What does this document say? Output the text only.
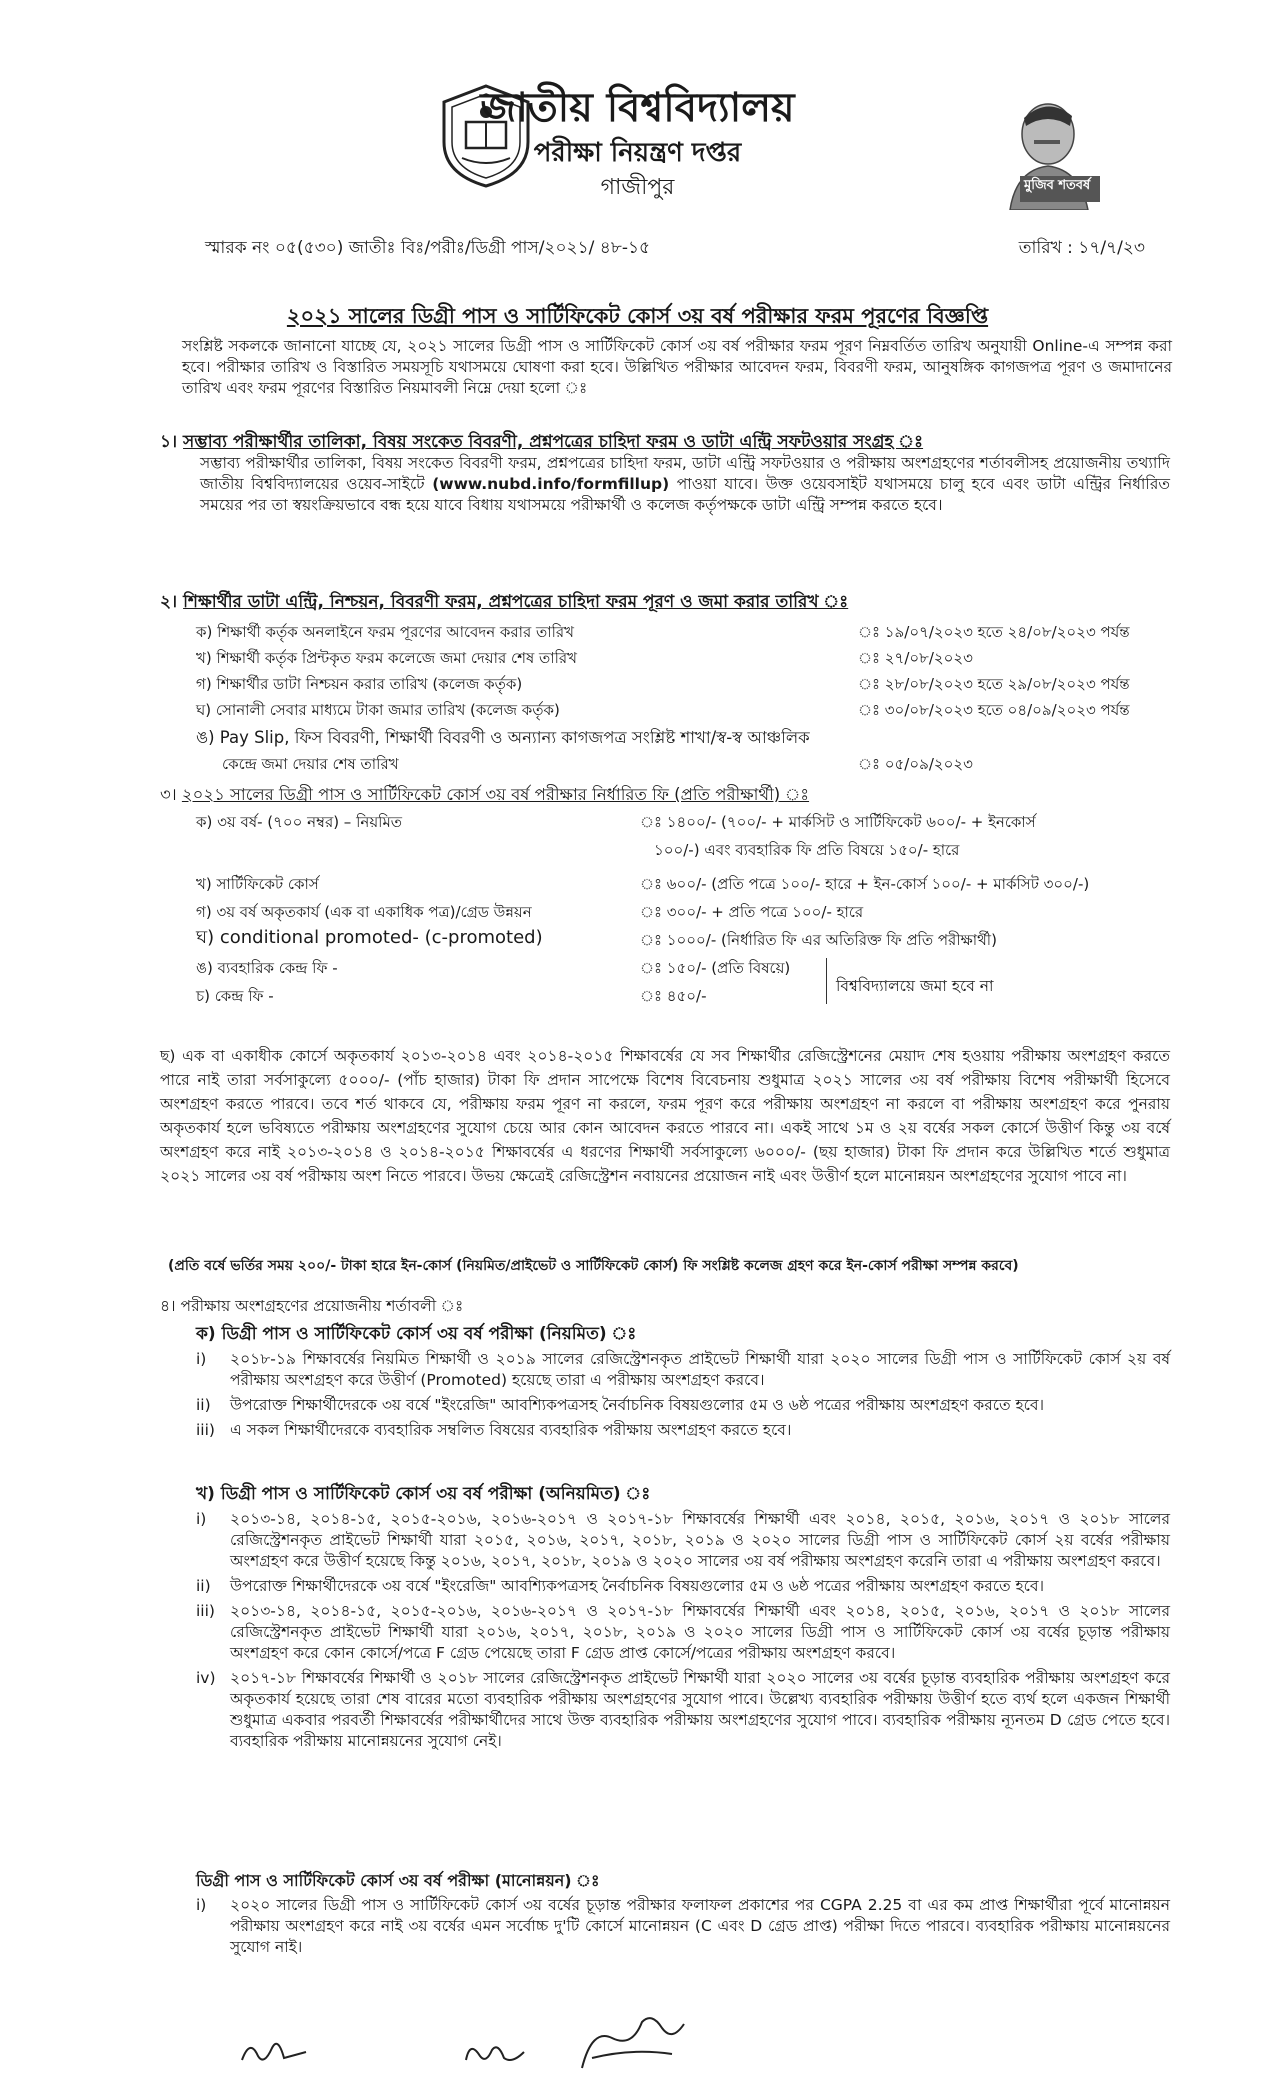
জাতীয় বিশ্ববিদ্যালয়
পরীক্ষা নিয়ন্ত্রণ দপ্তর
গাজীপুর	মুজিব শতবর্ষ
স্মারক নং ০৫(৫৩০) জাতীঃ বিঃ/পরীঃ/ডিগ্রী পাস/২০২১/ ৪৮-১৫	তারিখ : ১৭/৭/২৩
২০২১ সালের ডিগ্রী পাস ও সার্টিফিকেট কোর্স ৩য় বর্ষ পরীক্ষার ফরম পূরণের বিজ্ঞপ্তি
সংশ্লিষ্ট সকলকে জানানো যাচ্ছে যে, ২০২১ সালের ডিগ্রী পাস ও সার্টিফিকেট কোর্স ৩য় বর্ষ পরীক্ষার ফরম পূরণ নিম্নবর্তিত তারিখ অনুযায়ী Online-এ সম্পন্ন করা হবে। পরীক্ষার তারিখ ও বিস্তারিত সময়সূচি যথাসময়ে ঘোষণা করা হবে। উল্লিখিত পরীক্ষার আবেদন ফরম, বিবরণী ফরম, আনুষঙ্গিক কাগজপত্র পূরণ ও জমাদানের তারিখ এবং ফরম পূরণের বিস্তারিত নিয়মাবলী নিম্নে দেয়া হলো ঃ
১। সম্ভাব্য পরীক্ষার্থীর তালিকা, বিষয় সংকেত বিবরণী, প্রশ্নপত্রের চাহিদা ফরম ও ডাটা এন্ট্রি সফটওয়ার সংগ্রহ ঃ
সম্ভাব্য পরীক্ষার্থীর তালিকা, বিষয় সংকেত বিবরণী ফরম, প্রশ্নপত্রের চাহিদা ফরম, ডাটা এন্ট্রি সফটওয়ার ও পরীক্ষায় অংশগ্রহণের শর্তাবলীসহ প্রয়োজনীয় তথ্যাদি জাতীয় বিশ্ববিদ্যালয়ের ওয়েব-সাইটে (www.nubd.info/formfillup) পাওয়া যাবে। উক্ত ওয়েবসাইট যথাসময়ে চালু হবে এবং ডাটা এন্ট্রির নির্ধারিত সময়ের পর তা স্বয়ংক্রিয়ভাবে বন্ধ হয়ে যাবে বিধায় যথাসময়ে পরীক্ষার্থী ও কলেজ কর্তৃপক্ষকে ডাটা এন্ট্রি সম্পন্ন করতে হবে।
২। শিক্ষার্থীর ডাটা এন্ট্রি, নিশ্চয়ন, বিবরণী ফরম, প্রশ্নপত্রের চাহিদা ফরম পূরণ ও জমা করার তারিখ ঃ
ক) শিক্ষার্থী কর্তৃক অনলাইনে ফরম পূরণের আবেদন করার তারিখ	ঃ ১৯/০৭/২০২৩ হতে ২৪/০৮/২০২৩ পর্যন্ত
খ) শিক্ষার্থী কর্তৃক প্রিন্টকৃত ফরম কলেজে জমা দেয়ার শেষ তারিখ	ঃ ২৭/০৮/২০২৩
গ) শিক্ষার্থীর ডাটা নিশ্চয়ন করার তারিখ (কলেজ কর্তৃক)	ঃ ২৮/০৮/২০২৩ হতে ২৯/০৮/২০২৩ পর্যন্ত
ঘ) সোনালী সেবার মাধ্যমে টাকা জমার তারিখ (কলেজ কর্তৃক)	ঃ ৩০/০৮/২০২৩ হতে ০৪/০৯/২০২৩ পর্যন্ত
ঙ) Pay Slip, ফিস বিবরণী, শিক্ষার্থী বিবরণী ও অন্যান্য কাগজপত্র সংশ্লিষ্ট শাখা/স্ব-স্ব আঞ্চলিক
কেন্দ্রে জমা দেয়ার শেষ তারিখ	ঃ ০৫/০৯/২০২৩
৩। ২০২১ সালের ডিগ্রী পাস ও সার্টিফিকেট কোর্স ৩য় বর্ষ পরীক্ষার নির্ধারিত ফি (প্রতি পরীক্ষার্থী) ঃ
ক) ৩য় বর্ষ- (৭০০ নম্বর) – নিয়মিত	ঃ ১৪০০/- (৭০০/- + মার্কসিট ও সার্টিফিকেট ৬০০/- + ইনকোর্স
১০০/-) এবং ব্যবহারিক ফি প্রতি বিষয়ে ১৫০/- হারে
খ) সার্টিফিকেট কোর্স	ঃ ৬০০/- (প্রতি পত্রে ১০০/- হারে + ইন-কোর্স ১০০/- + মার্কসিট ৩০০/-)
গ) ৩য় বর্ষ অকৃতকার্য (এক বা একাধিক পত্র)/গ্রেড উন্নয়ন	ঃ ৩০০/- + প্রতি পত্রে ১০০/- হারে
ঘ) conditional promoted- (c-promoted)	ঃ ১০০০/- (নির্ধারিত ফি এর অতিরিক্ত ফি প্রতি পরীক্ষার্থী)
ঙ) ব্যবহারিক কেন্দ্র ফি -	ঃ ১৫০/- (প্রতি বিষয়ে)
চ) কেন্দ্র ফি -	ঃ ৪৫০/-
বিশ্ববিদ্যালয়ে জমা হবে না
ছ) এক বা একাধীক কোর্সে অকৃতকার্য ২০১৩-২০১৪ এবং ২০১৪-২০১৫ শিক্ষাবর্ষের যে সব শিক্ষার্থীর রেজিস্ট্রেশনের মেয়াদ শেষ হওয়ায় পরীক্ষায় অংশগ্রহণ করতে পারে নাই তারা সর্বসাকুল্যে ৫০০০/- (পাঁচ হাজার) টাকা ফি প্রদান সাপেক্ষে বিশেষ বিবেচনায় শুধুমাত্র ২০২১ সালের ৩য় বর্ষ পরীক্ষায় বিশেষ পরীক্ষার্থী হিসেবে অংশগ্রহণ করতে পারবে। তবে শর্ত থাকবে যে, পরীক্ষায় ফরম পূরণ না করলে, ফরম পূরণ করে পরীক্ষায় অংশগ্রহণ না করলে বা পরীক্ষায় অংশগ্রহণ করে পুনরায় অকৃতকার্য হলে ভবিষ্যতে পরীক্ষায় অংশগ্রহণের সুযোগ চেয়ে আর কোন আবেদন করতে পারবে না। একই সাথে ১ম ও ২য় বর্ষের সকল কোর্সে উত্তীর্ণ কিন্তু ৩য় বর্ষে অংশগ্রহণ করে নাই ২০১৩-২০১৪ ও ২০১৪-২০১৫ শিক্ষাবর্ষের এ ধরণের শিক্ষার্থী সর্বসাকুল্যে ৬০০০/- (ছয় হাজার) টাকা ফি প্রদান করে উল্লিখিত শর্তে শুধুমাত্র ২০২১ সালের ৩য় বর্ষ পরীক্ষায় অংশ নিতে পারবে। উভয় ক্ষেত্রেই রেজিস্ট্রেশন নবায়নের প্রয়োজন নাই এবং উত্তীর্ণ হলে মানোন্নয়ন অংশগ্রহণের সুযোগ পাবে না।
(প্রতি বর্ষে ভর্তির সময় ২০০/- টাকা হারে ইন-কোর্স (নিয়মিত/প্রাইভেট ও সার্টিফিকেট কোর্স) ফি সংশ্লিষ্ট কলেজ গ্রহণ করে ইন-কোর্স পরীক্ষা সম্পন্ন করবে)
৪। পরীক্ষায় অংশগ্রহণের প্রয়োজনীয় শর্তাবলী ঃ
ক) ডিগ্রী পাস ও সার্টিফিকেট কোর্স ৩য় বর্ষ পরীক্ষা (নিয়মিত) ঃ
i)	২০১৮-১৯ শিক্ষাবর্ষের নিয়মিত শিক্ষার্থী ও ২০১৯ সালের রেজিস্ট্রেশনকৃত প্রাইভেট শিক্ষার্থী যারা ২০২০ সালের ডিগ্রী পাস ও সার্টিফিকেট কোর্স ২য় বর্ষ পরীক্ষায় অংশগ্রহণ করে উত্তীর্ণ (Promoted) হয়েছে তারা এ পরীক্ষায় অংশগ্রহণ করবে।
ii)	উপরোক্ত শিক্ষার্থীদেরকে ৩য় বর্ষে "ইংরেজি" আবশ্যিকপত্রসহ নৈর্বাচনিক বিষয়গুলোর ৫ম ও ৬ষ্ঠ পত্রের পরীক্ষায় অংশগ্রহণ করতে হবে।
iii) এ সকল শিক্ষার্থীদেরকে ব্যবহারিক সম্বলিত বিষয়ের ব্যবহারিক পরীক্ষায় অংশগ্রহণ করতে হবে।
খ) ডিগ্রী পাস ও সার্টিফিকেট কোর্স ৩য় বর্ষ পরীক্ষা (অনিয়মিত) ঃ
i)	২০১৩-১৪, ২০১৪-১৫, ২০১৫-২০১৬, ২০১৬-২০১৭ ও ২০১৭-১৮ শিক্ষাবর্ষের শিক্ষার্থী এবং ২০১৪, ২০১৫, ২০১৬, ২০১৭ ও ২০১৮ সালের রেজিস্ট্রেশনকৃত প্রাইভেট শিক্ষার্থী যারা ২০১৫, ২০১৬, ২০১৭, ২০১৮, ২০১৯ ও ২০২০ সালের ডিগ্রী পাস ও সার্টিফিকেট কোর্স ২য় বর্ষের পরীক্ষায় অংশগ্রহণ করে উত্তীর্ণ হয়েছে কিন্তু ২০১৬, ২০১৭, ২০১৮, ২০১৯ ও ২০২০ সালের ৩য় বর্ষ পরীক্ষায় অংশগ্রহণ করেনি তারা এ পরীক্ষায় অংশগ্রহণ করবে।
ii)	উপরোক্ত শিক্ষার্থীদেরকে ৩য় বর্ষে "ইংরেজি" আবশ্যিকপত্রসহ নৈর্বাচনিক বিষয়গুলোর ৫ম ও ৬ষ্ঠ পত্রের পরীক্ষায় অংশগ্রহণ করতে হবে।
iii) ২০১৩-১৪, ২০১৪-১৫, ২০১৫-২০১৬, ২০১৬-২০১৭ ও ২০১৭-১৮ শিক্ষাবর্ষের শিক্ষার্থী এবং ২০১৪, ২০১৫, ২০১৬, ২০১৭ ও ২০১৮ সালের রেজিস্ট্রেশনকৃত প্রাইভেট শিক্ষার্থী যারা ২০১৬, ২০১৭, ২০১৮, ২০১৯ ও ২০২০ সালের ডিগ্রী পাস ও সার্টিফিকেট কোর্স ৩য় বর্ষের চূড়ান্ত পরীক্ষায় অংশগ্রহণ করে কোন কোর্সে/পত্রে F গ্রেড পেয়েছে তারা F গ্রেড প্রাপ্ত কোর্সে/পত্রের পরীক্ষায় অংশগ্রহণ করবে।
iv) ২০১৭-১৮ শিক্ষাবর্ষের শিক্ষার্থী ও ২০১৮ সালের রেজিস্ট্রেশনকৃত প্রাইভেট শিক্ষার্থী যারা ২০২০ সালের ৩য় বর্ষের চূড়ান্ত ব্যবহারিক পরীক্ষায় অংশগ্রহণ করে অকৃতকার্য হয়েছে তারা শেষ বারের মতো ব্যবহারিক পরীক্ষায় অংশগ্রহণের সুযোগ পাবে। উল্লেখ্য ব্যবহারিক পরীক্ষায় উত্তীর্ণ হতে ব্যর্থ হলে একজন শিক্ষার্থী শুধুমাত্র একবার পরবর্তী শিক্ষাবর্ষের পরীক্ষার্থীদের সাথে উক্ত ব্যবহারিক পরীক্ষায় অংশগ্রহণের সুযোগ পাবে। ব্যবহারিক পরীক্ষায় ন্যূনতম D গ্রেড পেতে হবে। ব্যবহারিক পরীক্ষায় মানোন্নয়নের সুযোগ নেই।
ডিগ্রী পাস ও সার্টিফিকেট কোর্স ৩য় বর্ষ পরীক্ষা (মানোন্নয়ন) ঃ
i)	২০২০ সালের ডিগ্রী পাস ও সার্টিফিকেট কোর্স ৩য় বর্ষের চূড়ান্ত পরীক্ষার ফলাফল প্রকাশের পর CGPA 2.25 বা এর কম প্রাপ্ত শিক্ষার্থীরা পূর্বে মানোন্নয়ন পরীক্ষায় অংশগ্রহণ করে নাই ৩য় বর্ষের এমন সর্বোচ্চ দু'টি কোর্সে মানোন্নয়ন (C এবং D গ্রেড প্রাপ্ত) পরীক্ষা দিতে পারবে। ব্যবহারিক পরীক্ষায় মানোন্নয়নের সুযোগ নাই।
